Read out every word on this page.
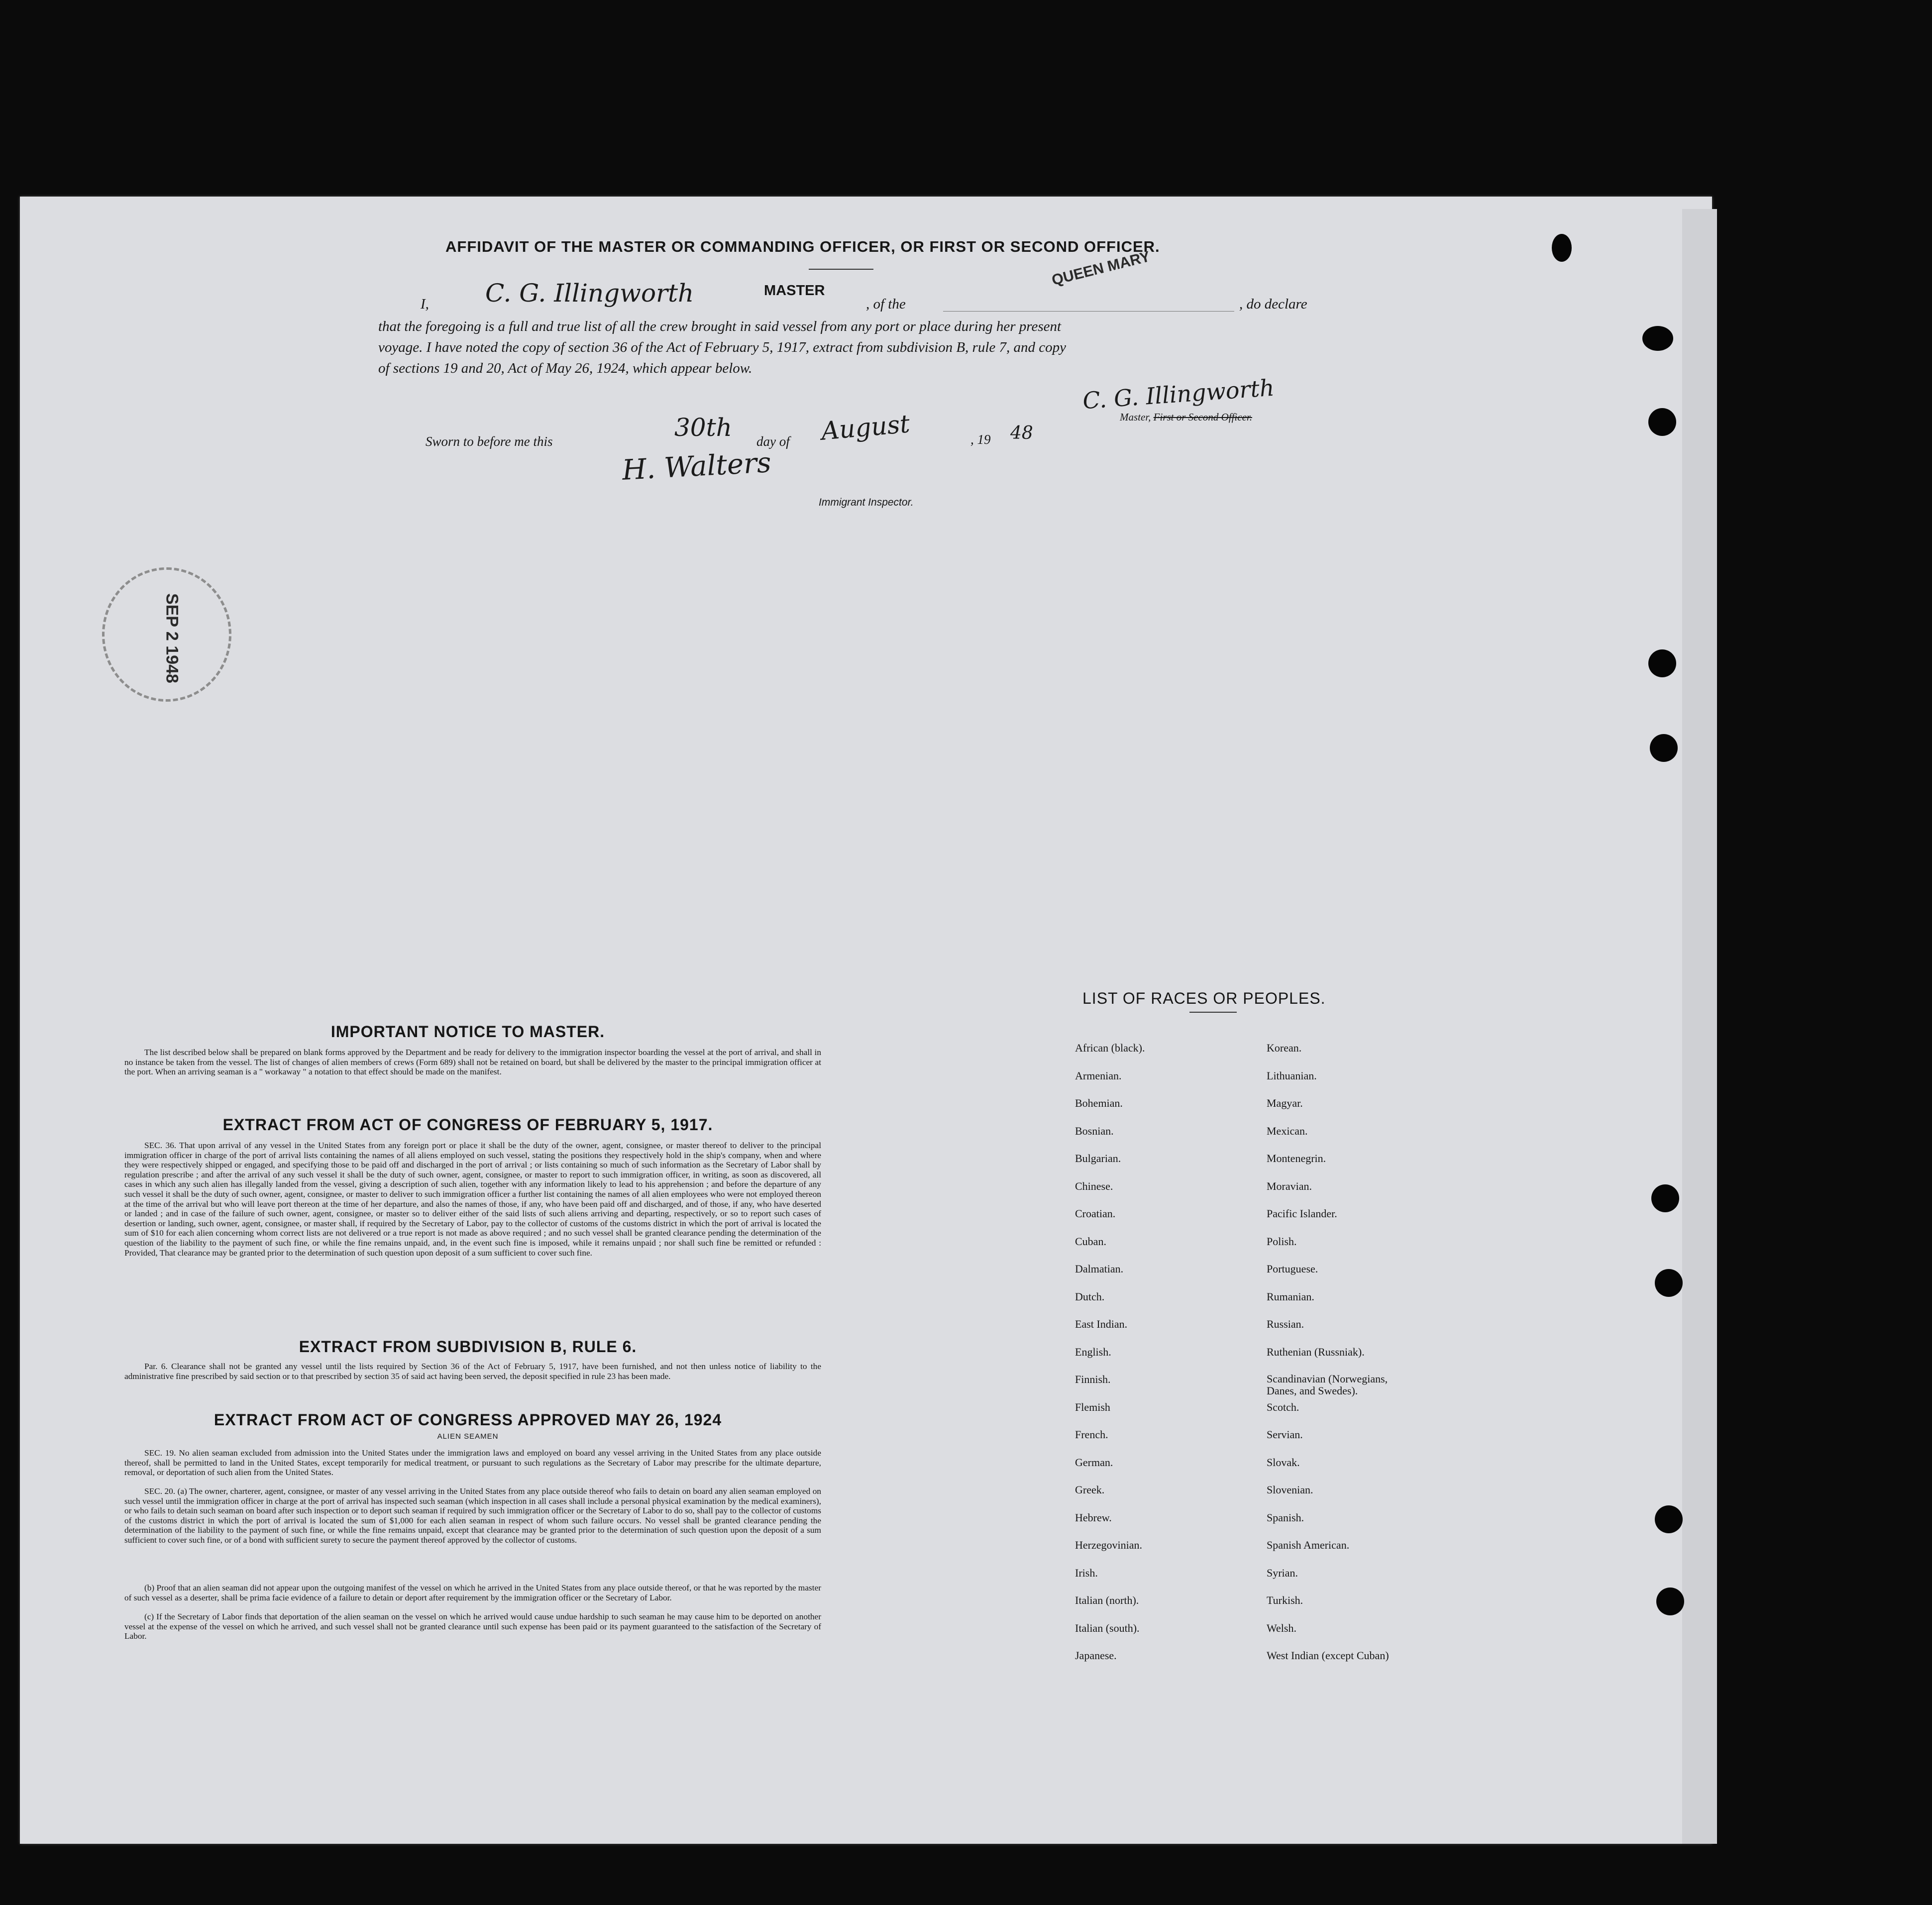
AFFIDAVIT OF THE MASTER OR COMMANDING OFFICER, OR FIRST OR SECOND OFFICER.
I, C. G. Illingworth	MASTER
, of the
QUEEN MARY
, do declare
that the foregoing is a full and true list of all the crew brought in said vessel from any port or place during her present
voyage. I have noted the copy of section 36 of the Act of February 5, 1917, extract from subdivision B, rule 7, and copy
of sections 19 and 20, Act of May 26, 1924, which appear below.
C. G. Illingworth
Master, First or Second Officer.
Sworn to before me this	30th day of August	, 19 48
H. Walters
Immigrant Inspector.
SEP 2 1948
IMPORTANT NOTICE TO MASTER.
The list described below shall be prepared on blank forms approved by the Department and be ready for delivery to the immigration inspector boarding the vessel at the port of arrival, and shall in no instance be taken from the vessel. The list of changes of alien members of crews (Form 689) shall not be retained on board, but shall be delivered by the master to the principal immigration officer at the port. When an arriving seaman is a " workaway " a notation to that effect should be made on the manifest.
EXTRACT FROM ACT OF CONGRESS OF FEBRUARY 5, 1917.
SEC. 36. That upon arrival of any vessel in the United States from any foreign port or place it shall be the duty of the owner, agent, consignee, or master thereof to deliver to the principal immigration officer in charge of the port of arrival lists containing the names of all aliens employed on such vessel, stating the positions they respectively hold in the ship's company, when and where they were respectively shipped or engaged, and specifying those to be paid off and discharged in the port of arrival ; or lists containing so much of such information as the Secretary of Labor shall by regulation prescribe ; and after the arrival of any such vessel it shall be the duty of such owner, agent, consignee, or master to report to such immigration officer, in writing, as soon as discovered, all cases in which any such alien has illegally landed from the vessel, giving a description of such alien, together with any information likely to lead to his apprehension ; and before the departure of any such vessel it shall be the duty of such owner, agent, consignee, or master to deliver to such immigration officer a further list containing the names of all alien employees who were not employed thereon at the time of the arrival but who will leave port thereon at the time of her departure, and also the names of those, if any, who have been paid off and discharged, and of those, if any, who have deserted or landed ; and in case of the failure of such owner, agent, consignee, or master so to deliver either of the said lists of such aliens arriving and departing, respectively, or so to report such cases of desertion or landing, such owner, agent, consignee, or master shall, if required by the Secretary of Labor, pay to the collector of customs of the customs district in which the port of arrival is located the sum of $10 for each alien concerning whom correct lists are not delivered or a true report is not made as above required ; and no such vessel shall be granted clearance pending the determination of the question of the liability to the payment of such fine, or while the fine remains unpaid, and, in the event such fine is imposed, while it remains unpaid ; nor shall such fine be remitted or refunded : Provided, That clearance may be granted prior to the determination of such question upon deposit of a sum sufficient to cover such fine.
EXTRACT FROM SUBDIVISION B, RULE 6.
Par. 6. Clearance shall not be granted any vessel until the lists required by Section 36 of the Act of February 5, 1917, have been furnished, and not then unless notice of liability to the administrative fine prescribed by said section or to that prescribed by section 35 of said act having been served, the deposit specified in rule 23 has been made.
EXTRACT FROM ACT OF CONGRESS APPROVED MAY 26, 1924
ALIEN SEAMEN
SEC. 19. No alien seaman excluded from admission into the United States under the immigration laws and employed on board any vessel arriving in the United States from any place outside thereof, shall be permitted to land in the United States, except temporarily for medical treatment, or pursuant to such regulations as the Secretary of Labor may prescribe for the ultimate departure, removal, or deportation of such alien from the United States.
SEC. 20. (a) The owner, charterer, agent, consignee, or master of any vessel arriving in the United States from any place outside thereof who fails to detain on board any alien seaman employed on such vessel until the immigration officer in charge at the port of arrival has inspected such seaman (which inspection in all cases shall include a personal physical examination by the medical examiners), or who fails to detain such seaman on board after such inspection or to deport such seaman if required by such immigration officer or the Secretary of Labor to do so, shall pay to the collector of customs of the customs district in which the port of arrival is located the sum of $1,000 for each alien seaman in respect of whom such failure occurs. No vessel shall be granted clearance pending the determination of the liability to the payment of such fine, or while the fine remains unpaid, except that clearance may be granted prior to the determination of such question upon the deposit of a sum sufficient to cover such fine, or of a bond with sufficient surety to secure the payment thereof approved by the collector of customs.
(b) Proof that an alien seaman did not appear upon the outgoing manifest of the vessel on which he arrived in the United States from any place outside thereof, or that he was reported by the master of such vessel as a deserter, shall be prima facie evidence of a failure to detain or deport after requirement by the immigration officer or the Secretary of Labor.
(c) If the Secretary of Labor finds that deportation of the alien seaman on the vessel on which he arrived would cause undue hardship to such seaman he may cause him to be deported on another vessel at the expense of the vessel on which he arrived, and such vessel shall not be granted clearance until such expense has been paid or its payment guaranteed to the satisfaction of the Secretary of Labor.
LIST OF RACES OR PEOPLES.
African (black).
Armenian.
Bohemian.
Bosnian.
Bulgarian.
Chinese.
Croatian.
Cuban.
Dalmatian.
Dutch.
East Indian.
English.
Finnish.
Flemish
French.
German.
Greek.
Hebrew.
Herzegovinian.
Irish.
Italian (north).
Italian (south).
Japanese.
Korean.
Lithuanian.
Magyar.
Mexican.
Montenegrin.
Moravian.
Pacific Islander.
Polish.
Portuguese.
Rumanian.
Russian.
Ruthenian (Russniak).
Scandinavian (Norwegians, Danes, and Swedes).
Scotch.
Servian.
Slovak.
Slovenian.
Spanish.
Spanish American.
Syrian.
Turkish.
Welsh.
West Indian (except Cuban)
